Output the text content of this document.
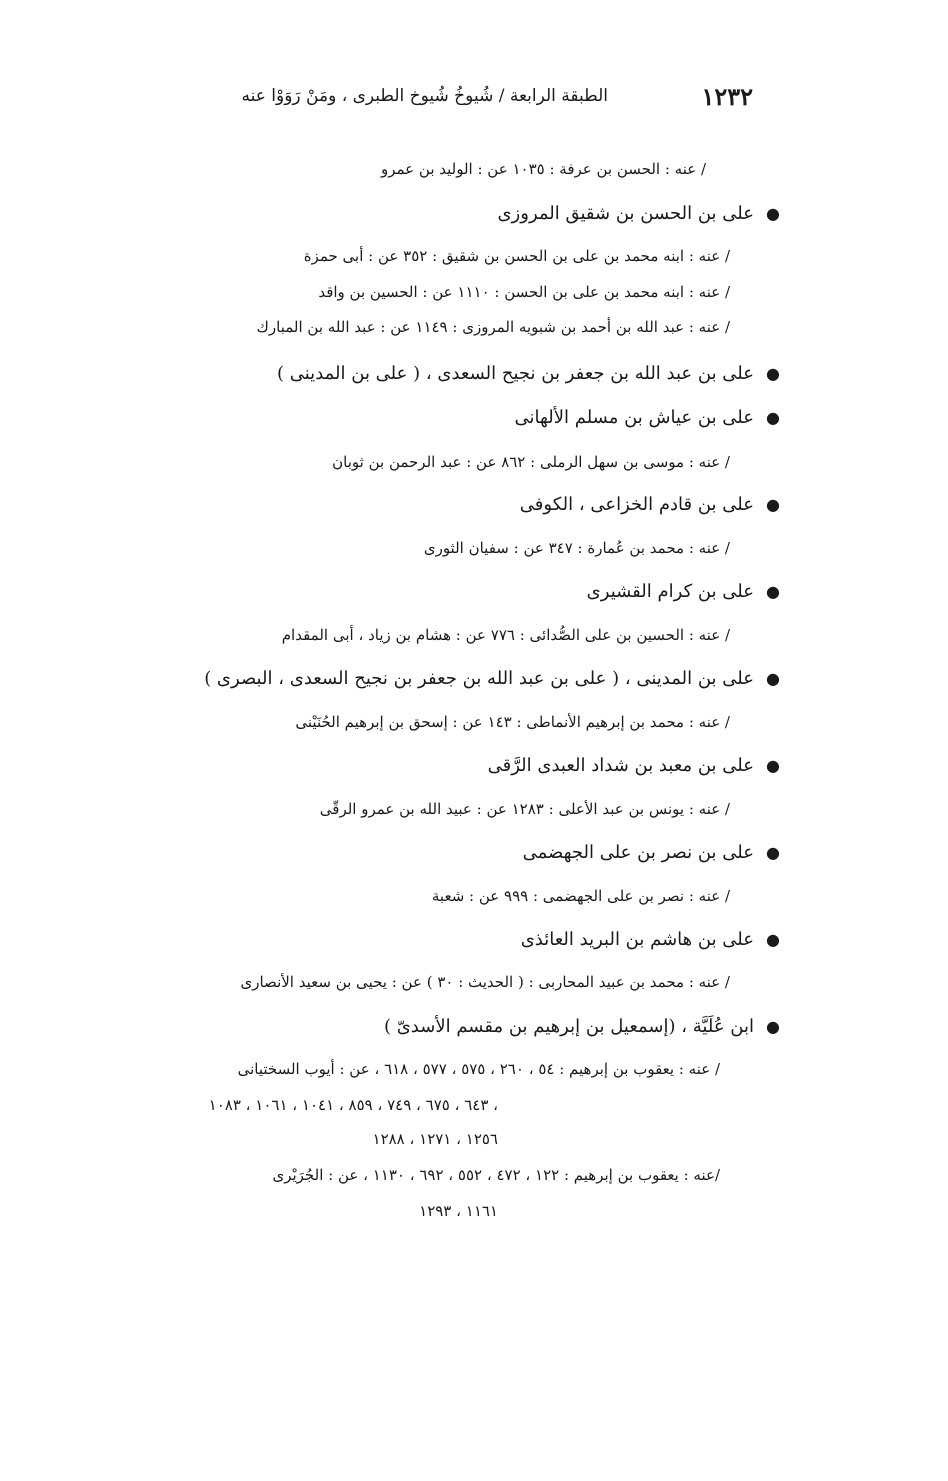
١٢٣٢
الطبقة الرابعة / شُيوخُ شُيوخ الطبرى ، ومَنْ رَوَوْا عنه
عن : الوليد بن عمرو / عنه : الحسن بن عرفة : ١٠٣٥
●
على بن الحسن بن شقيق المروزى
عن : أبى حمزة / عنه : ابنه محمد بن على بن الحسن بن شقيق : ٣٥٢
عن : الحسين بن واقد / عنه : ابنه محمد بن على بن الحسن : ١١١٠
عن : عبد الله بن المبارك / عنه : عبد الله بن أحمد بن شبويه المروزى : ١١٤٩
●
على بن عبد الله بن جعفر بن نجيح السعدى ، ( على بن المدينى )
●
على بن عياش بن مسلم الألهانى
عن : عبد الرحمن بن ثوبان / عنه : موسى بن سهل الرملى : ٨٦٢
●
على بن قادم الخزاعى ، الكوفى
عن : سفيان الثورى / عنه : محمد بن عُمارة : ٣٤٧
●
على بن كرام القشيرى
عن : هشام بن زياد ، أبى المقدام / عنه : الحسين بن على الصُّدائى : ٧٧٦
●
على بن المدينى ، ( على بن عبد الله بن جعفر بن نجيح السعدى ، البصرى )
عن : إسحق بن إبرهيم الحُنَيْنى / عنه : محمد بن إبرهيم الأنماطى : ١٤٣
●
على بن معبد بن شداد العبدى الرَّقى
عن : عبيد الله بن عمرو الرقّى / عنه : يونس بن عبد الأعلى : ١٢٨٣
●
على بن نصر بن على الجهضمى
عن : شعبة / عنه : نصر بن على الجهضمى : ٩٩٩
●
على بن هاشم بن البريد العائذى
عن : يحيى بن سعيد الأنصارى / عنه : محمد بن عبيد المحاربى : ( الحديث : ٣٠ )
●
ابن عُلَيَّة ، (إسمعيل بن إبرهيم بن مقسم الأسدىّ )
عن : أيوب السختيانى / عنه : يعقوب بن إبرهيم : ٥٤ ، ٢٦٠ ، ٥٧٥ ، ٥٧٧ ، ٦١٨ ،
٦٤٣ ، ٦٧٥ ، ٧٤٩ ، ٨٥٩ ، ١٠٤١ ، ١٠٦١ ، ١٠٨٣ ،
١٢٥٦ ، ١٢٧١ ، ١٢٨٨
عن : الجُرَيْرى /عنه : يعقوب بن إبرهيم : ١٢٢ ، ٤٧٢ ، ٥٥٢ ، ٦٩٢ ، ١١٣٠ ،
١١٦١ ، ١٢٩٣
